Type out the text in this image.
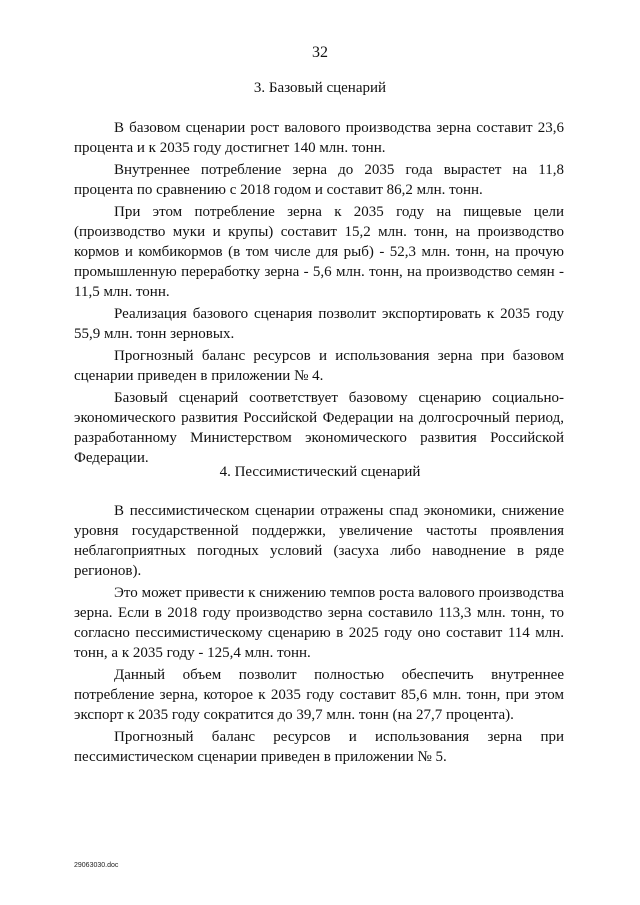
32
3. Базовый сценарий

В базовом сценарии рост валового производства зерна составит 23,6 процента и к 2035 году достигнет 140 млн. тонн.

Внутреннее потребление зерна до 2035 года вырастет на 11,8 процента по сравнению с 2018 годом и составит 86,2 млн. тонн.

При этом потребление зерна к 2035 году на пищевые цели (производство муки и крупы) составит 15,2 млн. тонн, на производство кормов и комбикормов (в том числе для рыб) - 52,3 млн. тонн, на прочую промышленную переработку зерна - 5,6 млн. тонн, на производство семян - 11,5 млн. тонн.

Реализация базового сценария позволит экспортировать к 2035 году 55,9 млн. тонн зерновых.

Прогнозный баланс ресурсов и использования зерна при базовом сценарии приведен в приложении № 4.

Базовый сценарий соответствует базовому сценарию социально-экономического развития Российской Федерации на долгосрочный период, разработанному Министерством экономического развития Российской Федерации.

4. Пессимистический сценарий

В пессимистическом сценарии отражены спад экономики, снижение уровня государственной поддержки, увеличение частоты проявления неблагоприятных погодных условий (засуха либо наводнение в ряде регионов).

Это может привести к снижению темпов роста валового производства зерна. Если в 2018 году производство зерна составило 113,3 млн. тонн, то согласно пессимистическому сценарию в 2025 году оно составит 114 млн. тонн, а к 2035 году - 125,4 млн. тонн.

Данный объем позволит полностью обеспечить внутреннее потребление зерна, которое к 2035 году составит 85,6 млн. тонн, при этом экспорт к 2035 году сократится до 39,7 млн. тонн (на 27,7 процента).

Прогнозный баланс ресурсов и использования зерна при пессимистическом сценарии приведен в приложении № 5.

29063030.doc
